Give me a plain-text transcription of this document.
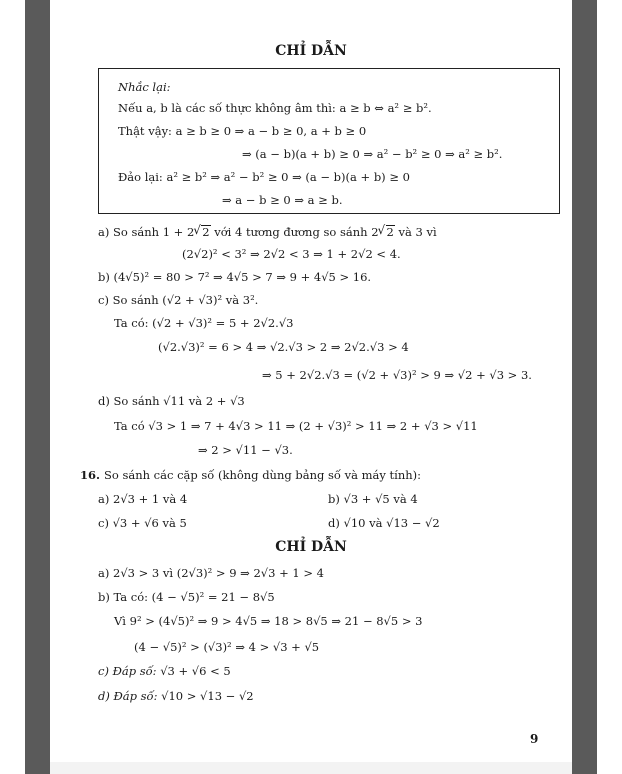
CHỈ DẪN
Nhắc lại:
Nếu a, b là các số thực không âm thì: a ≥ b ⇔ a² ≥ b².
Thật vậy: a ≥ b ≥ 0 ⇒ a − b ≥ 0, a + b ≥ 0
⇒ (a − b)(a + b) ≥ 0 ⇒ a² − b² ≥ 0 ⇒ a² ≥ b².
Đảo lại: a² ≥ b² ⇒ a² − b² ≥ 0 ⇒ (a − b)(a + b) ≥ 0
⇒ a − b ≥ 0 ⇒ a ≥ b.
a) So sánh 1 + 2 √ 2 với 4 tương đương so sánh 2 √ 2 và 3 vì
(2√2)² < 3² ⇒ 2√2 < 3 ⇒ 1 + 2√2 < 4.
b) (4√5)² = 80 > 7² ⇒ 4√5 > 7 ⇒ 9 + 4√5 > 16.
c) So sánh (√2 + √3)² và 3².
Ta có: (√2 + √3)² = 5 + 2√2.√3
(√2.√3)² = 6 > 4 ⇒ √2.√3 > 2 ⇒ 2√2.√3 > 4
⇒ 5 + 2√2.√3 = (√2 + √3)² > 9 ⇒ √2 + √3 > 3.
d) So sánh √11 và 2 + √3
Ta có √3 > 1 ⇒ 7 + 4√3 > 11 ⇒ (2 + √3)² > 11 ⇒ 2 + √3 > √11
⇒ 2 > √11 − √3.
16. So sánh các cặp số (không dùng bảng số và máy tính):
a) 2√3 + 1 và 4	b) √3 + √5 và 4
c) √3 + √6 và 5	d) √10 và √13 − √2
CHỈ DẪN
a) 2√3 > 3 vì (2√3)² > 9 ⇒ 2√3 + 1 > 4
b) Ta có: (4 − √5)² = 21 − 8√5
Vì 9² > (4√5)² ⇒ 9 > 4√5 ⇒ 18 > 8√5 ⇒ 21 − 8√5 > 3
(4 − √5)² > (√3)² ⇒ 4 > √3 + √5
c) Đáp số: √3 + √6 < 5
d) Đáp số: √10 > √13 − √2
9
